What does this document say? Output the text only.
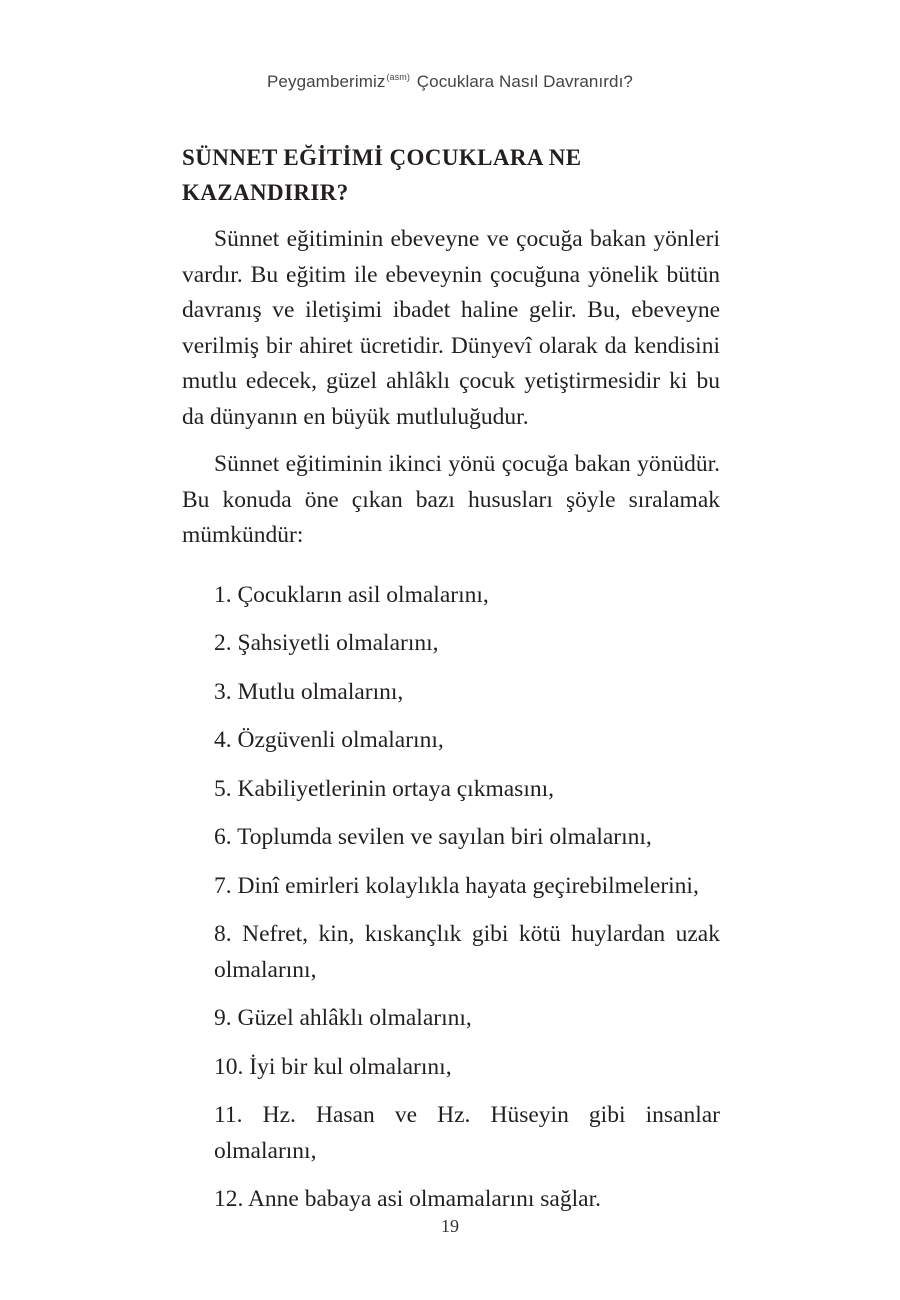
Peygamberimiz$^{(asm)}$ Çocuklara Nasıl Davranırdı?
SÜNNET EĞİTİMİ ÇOCUKLARA NE KAZANDIRIR?

Sünnet eğitiminin ebeveyne ve çocuğa bakan yönleri vardır. Bu eğitim ile ebeveynin çocuğuna yönelik bütün davranış ve iletişimi ibadet haline gelir. Bu, ebeveyne verilmiş bir ahiret ücretidir. Dünyevî olarak da kendisini mutlu edecek, güzel ahlâklı çocuk yetiştirmesidir ki bu da dünyanın en büyük mutluluğudur.

Sünnet eğitiminin ikinci yönü çocuğa bakan yönüdür. Bu konuda öne çıkan bazı hususları şöyle sıralamak mümkündür:

1. Çocukların asil olmalarını,
2. Şahsiyetli olmalarını,
3. Mutlu olmalarını,
4. Özgüvenli olmalarını,
5. Kabiliyetlerinin ortaya çıkmasını,
6. Toplumda sevilen ve sayılan biri olmalarını,
7. Dinî emirleri kolaylıkla hayata geçirebilmelerini,
8. Nefret, kin, kıskançlık gibi kötü huylardan uzak olmalarını,
9. Güzel ahlâklı olmalarını,
10. İyi bir kul olmalarını,
11. Hz. Hasan ve Hz. Hüseyin gibi insanlar olmalarını,
12. Anne babaya asi olmamalarını sağlar.
19
